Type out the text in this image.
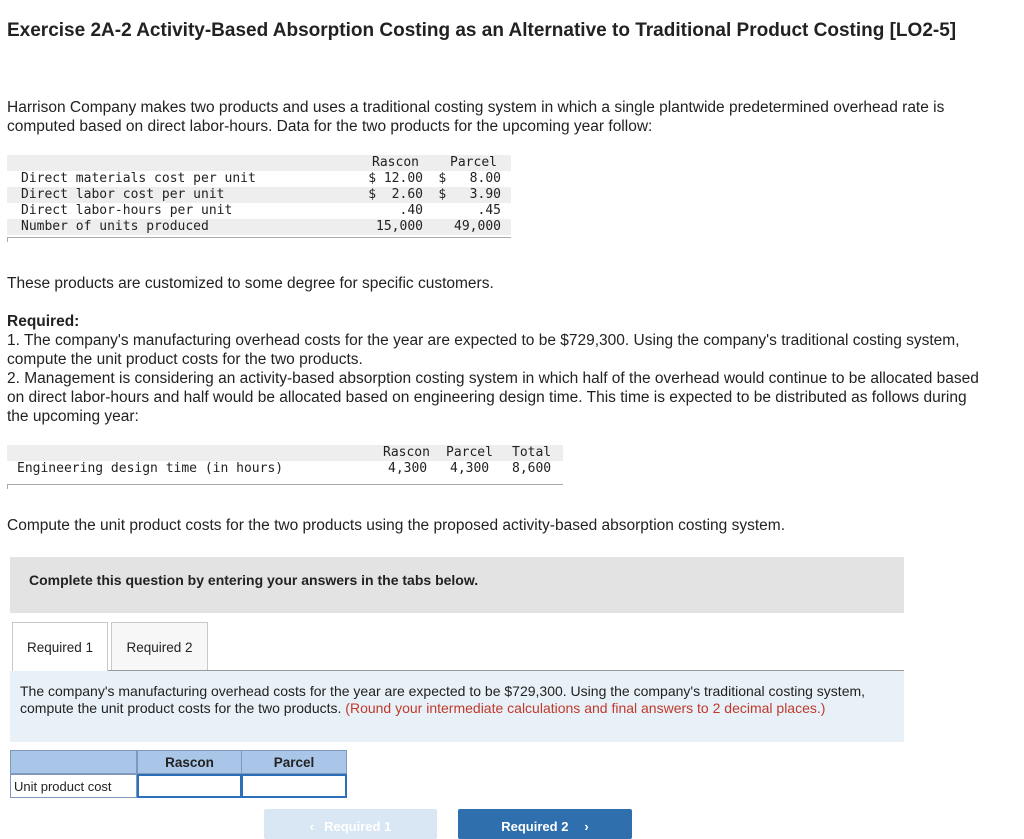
Exercise 2A-2 Activity-Based Absorption Costing as an Alternative to Traditional Product Costing [LO2-5]
Harrison Company makes two products and uses a traditional costing system in which a single plantwide predetermined overhead rate is computed based on direct labor-hours. Data for the two products for the upcoming year follow:
Rascon Parcel
Direct materials cost per unit	$ 12.00 $   8.00
Direct labor cost per unit	$  2.60 $   3.90
Direct labor-hours per unit	.40	.45
Number of units produced	15,000 49,000
These products are customized to some degree for specific customers.
Required:
1. The company's manufacturing overhead costs for the year are expected to be $729,300. Using the company's traditional costing system, compute the unit product costs for the two products.
2. Management is considering an activity-based absorption costing system in which half of the overhead would continue to be allocated based on direct labor-hours and half would be allocated based on engineering design time. This time is expected to be distributed as follows during the upcoming year:
Rascon Parcel Total
Engineering design time (in hours)	4,300 4,300 8,600
Compute the unit product costs for the two products using the proposed activity-based absorption costing system.
Complete this question by entering your answers in the tabs below.
Required 1	Required 2
The company's manufacturing overhead costs for the year are expected to be $729,300. Using the company's traditional costing system, compute the unit product costs for the two products. (Round your intermediate calculations and final answers to 2 decimal places.)
Rascon	Parcel
Unit product cost
‹ Required 1	Required 2 ›
